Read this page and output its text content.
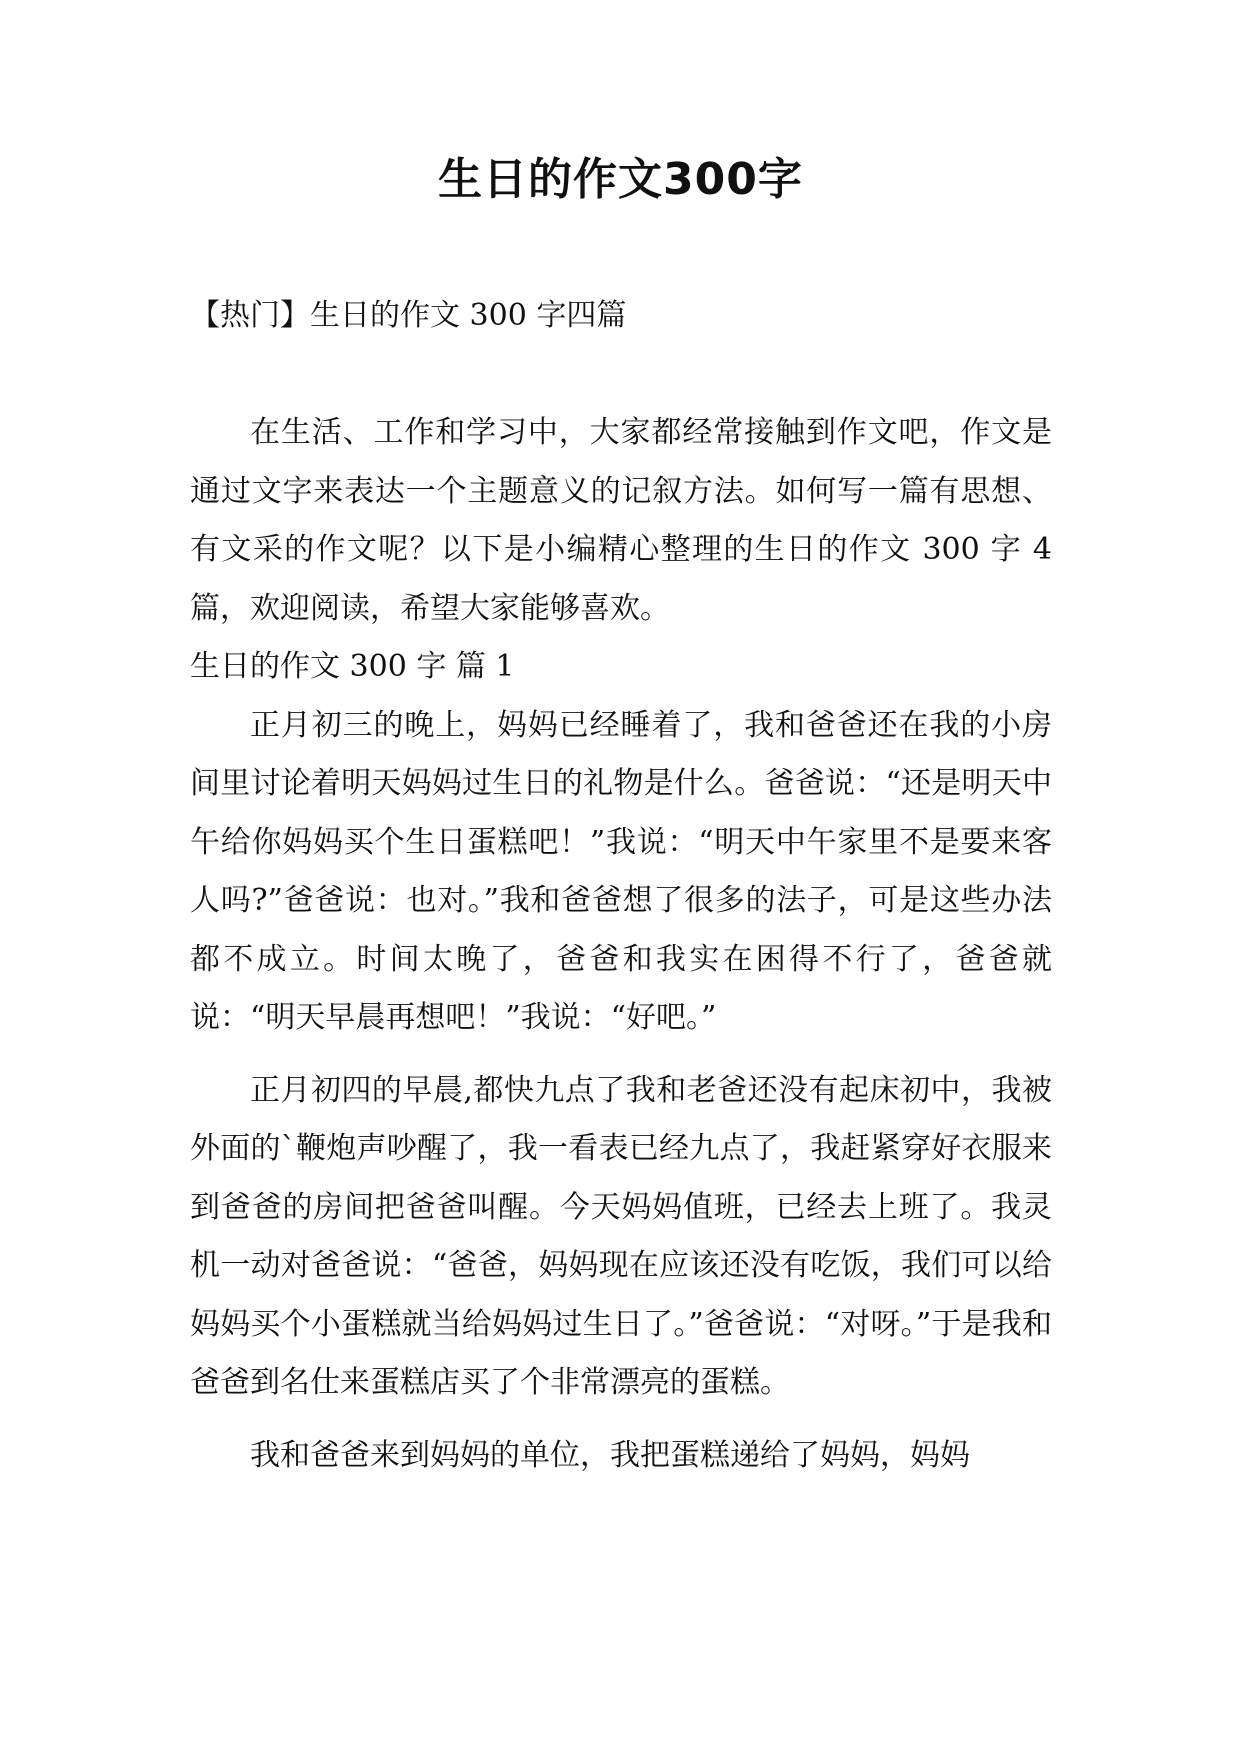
生日的作文300字
【热门】生日的作文 300 字四篇

在生活、工作和学习中，大家都经常接触到作文吧，作文是通过文字来表达一个主题意义的记叙方法。如何写一篇有思想、有文采的作文呢？以下是小编精心整理的生日的作文 300 字 4 篇，欢迎阅读，希望大家能够喜欢。

生日的作文 300 字 篇 1

正月初三的晚上，妈妈已经睡着了，我和爸爸还在我的小房间里讨论着明天妈妈过生日的礼物是什么。爸爸说：“还是明天中午给你妈妈买个生日蛋糕吧！”我说：“明天中午家里不是要来客人吗?”爸爸说：也对。”我和爸爸想了很多的法子，可是这些办法都不成立。时间太晚了，爸爸和我实在困得不行了，爸爸就说：“明天早晨再想吧！”我说：“好吧。”

正月初四的早晨,都快九点了我和老爸还没有起床初中，我被外面的`鞭炮声吵醒了，我一看表已经九点了，我赶紧穿好衣服来到爸爸的房间把爸爸叫醒。今天妈妈值班，已经去上班了。我灵机一动对爸爸说：“爸爸，妈妈现在应该还没有吃饭，我们可以给妈妈买个小蛋糕就当给妈妈过生日了。”爸爸说：“对呀。”于是我和爸爸到名仕来蛋糕店买了个非常漂亮的蛋糕。

我和爸爸来到妈妈的单位，我把蛋糕递给了妈妈，妈妈
